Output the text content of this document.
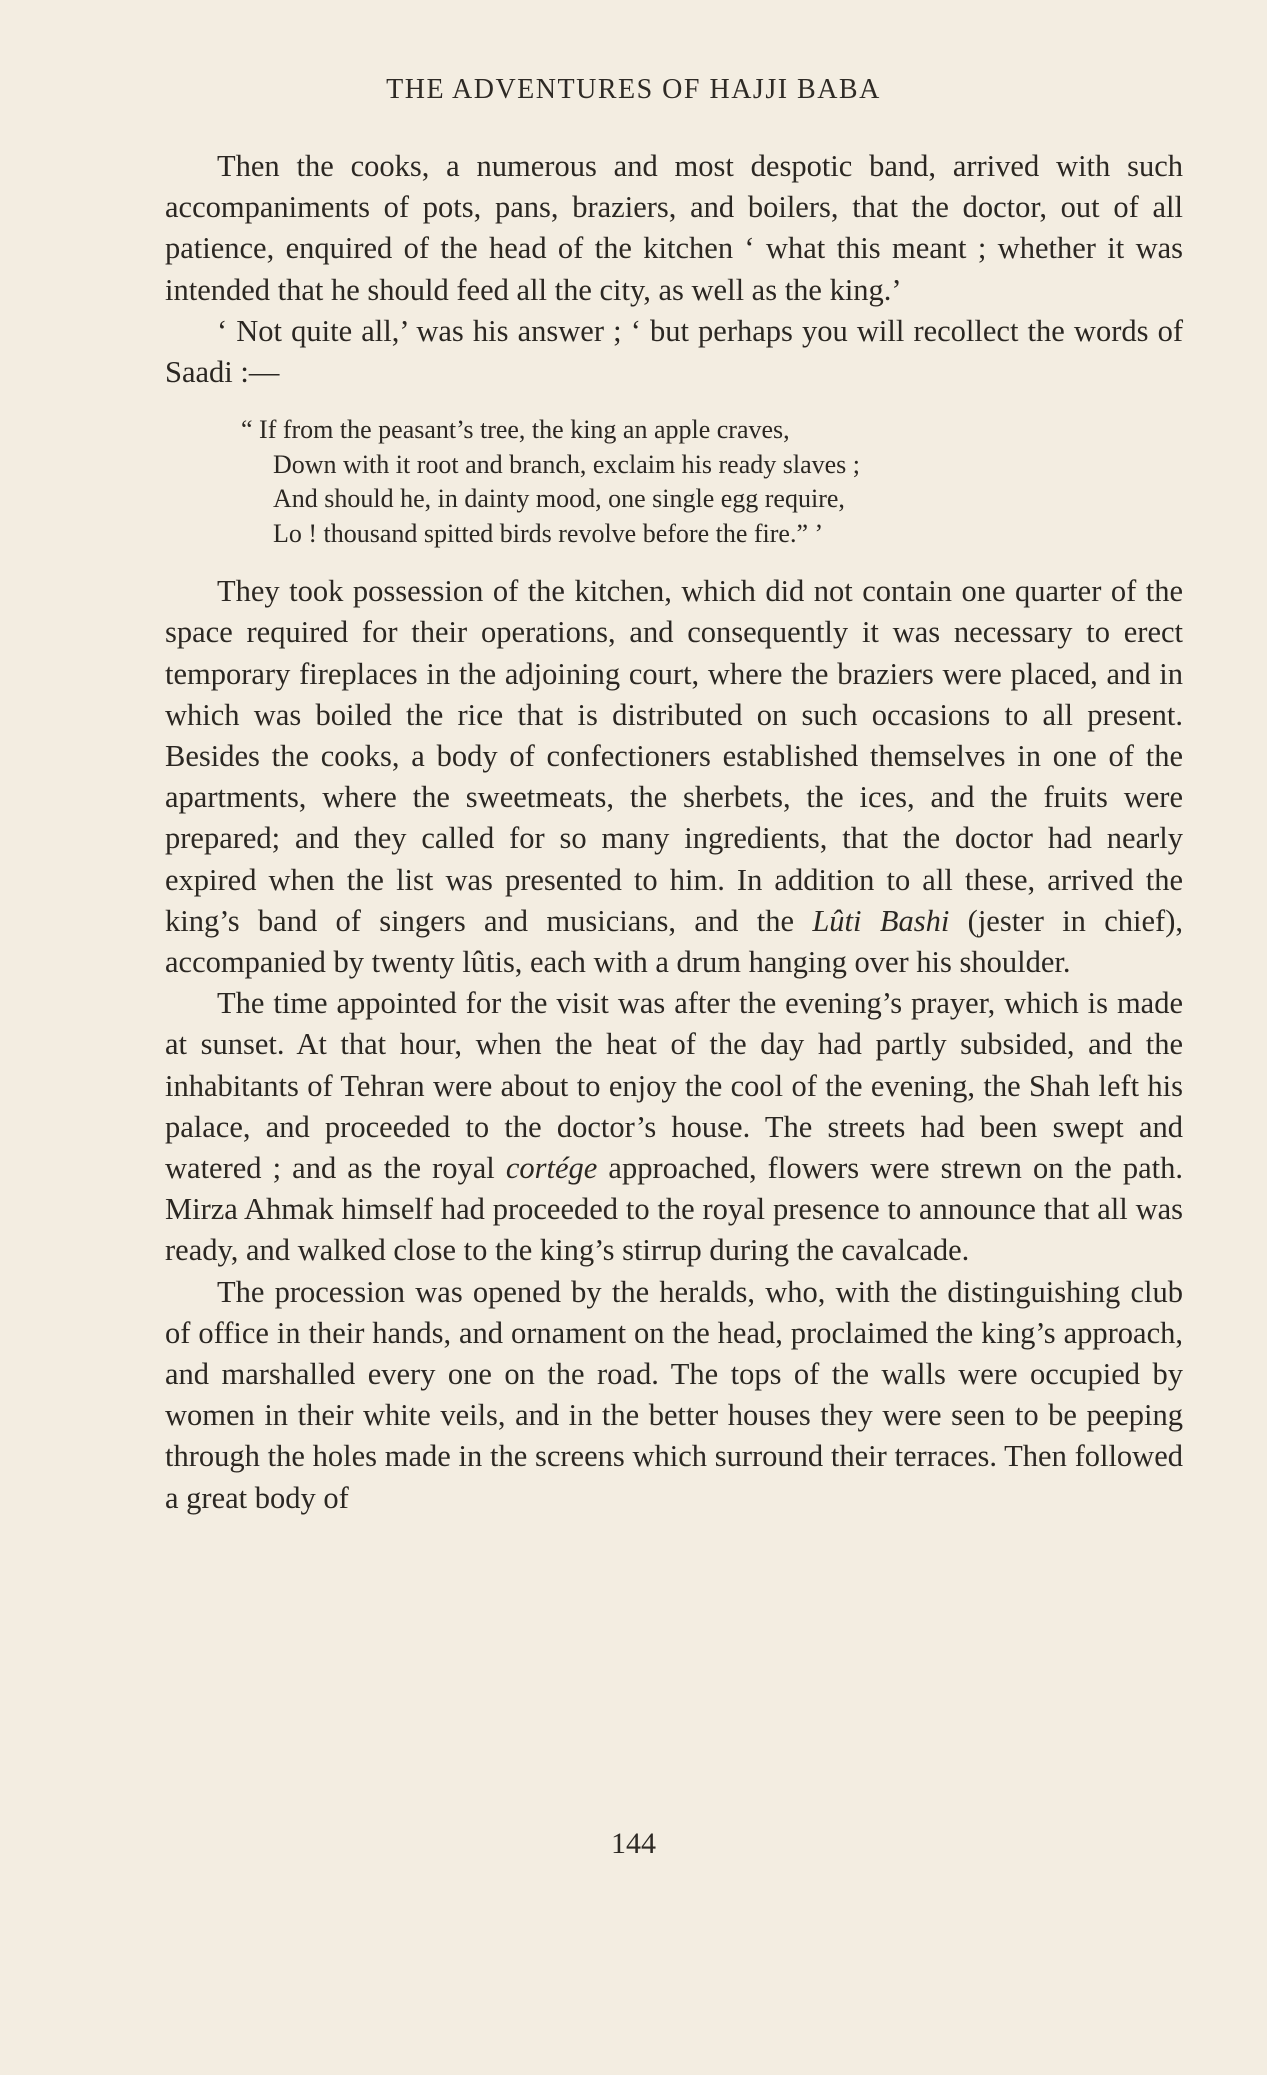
THE ADVENTURES OF HAJJI BABA

Then the cooks, a numerous and most despotic band, arrived with such accompaniments of pots, pans, braziers, and boilers, that the doctor, out of all patience, enquired of the head of the kitchen ‘ what this meant ; whether it was intended that he should feed all the city, as well as the king.’

‘ Not quite all,’ was his answer ; ‘ but perhaps you will recollect the words of Saadi :—

“ If from the peasant’s tree, the king an apple craves,
Down with it root and branch, exclaim his ready slaves ;
And should he, in dainty mood, one single egg require,
Lo ! thousand spitted birds revolve before the fire.” ’

They took possession of the kitchen, which did not contain one quarter of the space required for their operations, and consequently it was necessary to erect temporary fireplaces in the adjoining court, where the braziers were placed, and in which was boiled the rice that is distributed on such occasions to all present. Besides the cooks, a body of confectioners established themselves in one of the apartments, where the sweetmeats, the sherbets, the ices, and the fruits were prepared; and they called for so many ingredients, that the doctor had nearly expired when the list was presented to him. In addition to all these, arrived the king’s band of singers and musicians, and the Lûti Bashi (jester in chief), accompanied by twenty lûtis, each with a drum hanging over his shoulder.

The time appointed for the visit was after the evening’s prayer, which is made at sunset. At that hour, when the heat of the day had partly subsided, and the inhabitants of Tehran were about to enjoy the cool of the evening, the Shah left his palace, and proceeded to the doctor’s house. The streets had been swept and watered ; and as the royal cortége approached, flowers were strewn on the path. Mirza Ahmak himself had proceeded to the royal presence to announce that all was ready, and walked close to the king’s stirrup during the cavalcade.

The procession was opened by the heralds, who, with the distinguishing club of office in their hands, and ornament on the head, proclaimed the king’s approach, and marshalled every one on the road. The tops of the walls were occupied by women in their white veils, and in the better houses they were seen to be peeping through the holes made in the screens which surround their terraces. Then followed a great body of

144
